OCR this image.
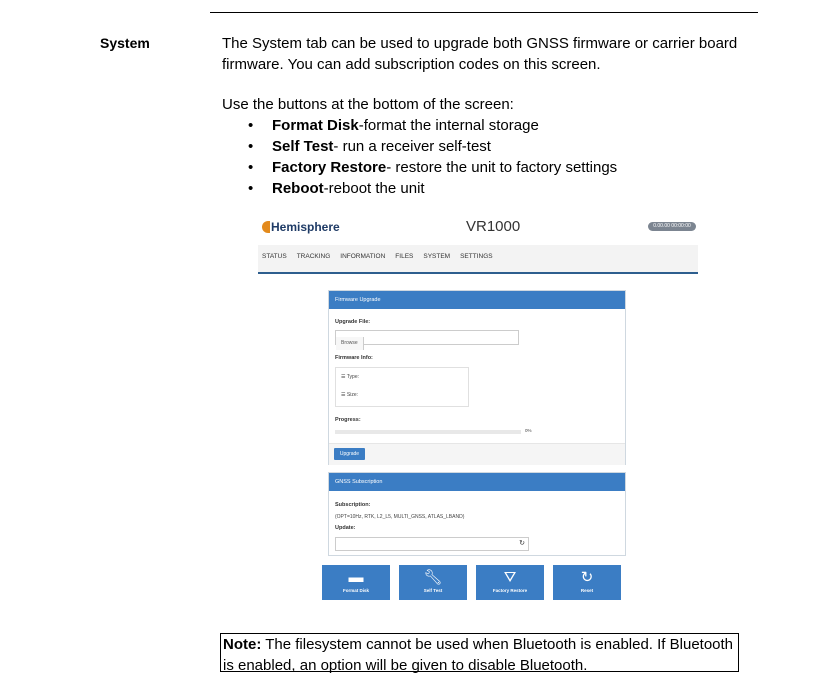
System	The System tab can be used to upgrade both GNSS firmware or carrier board firmware. You can add subscription codes on this screen.

Use the buttons at the bottom of the screen:

• Format Disk-format the internal storage
• Self Test- run a receiver self-test
• Factory Restore- restore the unit to factory settings
• Reboot-reboot the unit
Hemisphere	VR1000	0.00.00 00:00:00
STATUS TRACKING INFORMATION FILES SYSTEM SETTINGS
Firmware Upgrade
Upgrade File:
Browse
Firmware Info:
☰ Type:
☰ Size:
Progress:
0%
Upgrade
GNSS Subscription
Subscription:
(OPT=10Hz, RTK, L2_L5, MULTI_GNSS, ATLAS_LBAND)
Update:
↻
▬
Format Disk
🔧︎
Self Test
⛛
Factory Restore
↻
Reset
Note: The filesystem cannot be used when Bluetooth is enabled. If Bluetooth is enabled, an option will be given to disable Bluetooth.
